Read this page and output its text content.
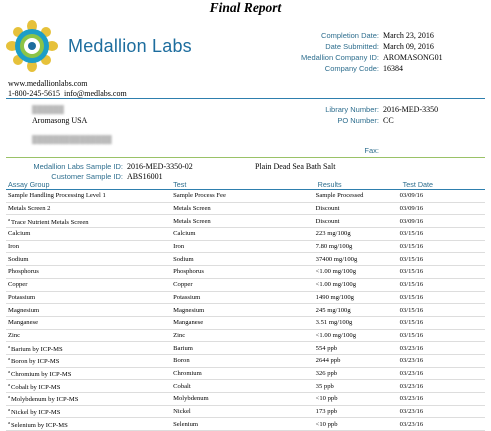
Final Report
Medallion Labs
www.medallionlabs.com
1-800-245-5615 info@medlabs.com
Completion Date: March 23, 2016
Date Submitted: March 09, 2016
Medallion Company ID: AROMASONG01
Company Code: 16384
██████
Aromasong USA
███████████████
Library Number: 2016-MED-3350
PO Number: CC
Fax:
Medallion Labs Sample ID: 2016-MED-3350-02	Plain Dead Sea Bath Salt
Customer Sample ID: ABS16001
Assay Group	Test	Results	Test Date
Sample Handling Processing Level 1	Sample Process Fee	Sample Processed	03/09/16
Metals Screen 2	Metals Screen	Discount	03/09/16
$^a$Trace Nutrient Metals Screen	Metals Screen	Discount	03/09/16
Calcium	Calcium	223 mg/100g	03/15/16
Iron	Iron	7.80 mg/100g	03/15/16
Sodium	Sodium	37400 mg/100g	03/15/16
Phosphorus	Phosphorus	<1.00 mg/100g	03/15/16
Copper	Copper	<1.00 mg/100g	03/15/16
Potassium	Potassium	1490 mg/100g	03/15/16
Magnesium	Magnesium	245 mg/100g	03/15/16
Manganese	Manganese	3.51 mg/100g	03/15/16
Zinc	Zinc	<1.00 mg/100g	03/15/16
$^a$Barium by ICP-MS	Barium	554 ppb	03/23/16
$^a$Boron by ICP-MS	Boron	2644 ppb	03/23/16
$^a$Chromium by ICP-MS	Chromium	326 ppb	03/23/16
$^a$Cobalt by ICP-MS	Cobalt	35 ppb	03/23/16
$^a$Molybdenum by ICP-MS	Molybdenum	<10 ppb	03/23/16
$^a$Nickel by ICP-MS	Nickel	173 ppb	03/23/16
$^a$Selenium by ICP-MS	Selenium	<10 ppb	03/23/16
